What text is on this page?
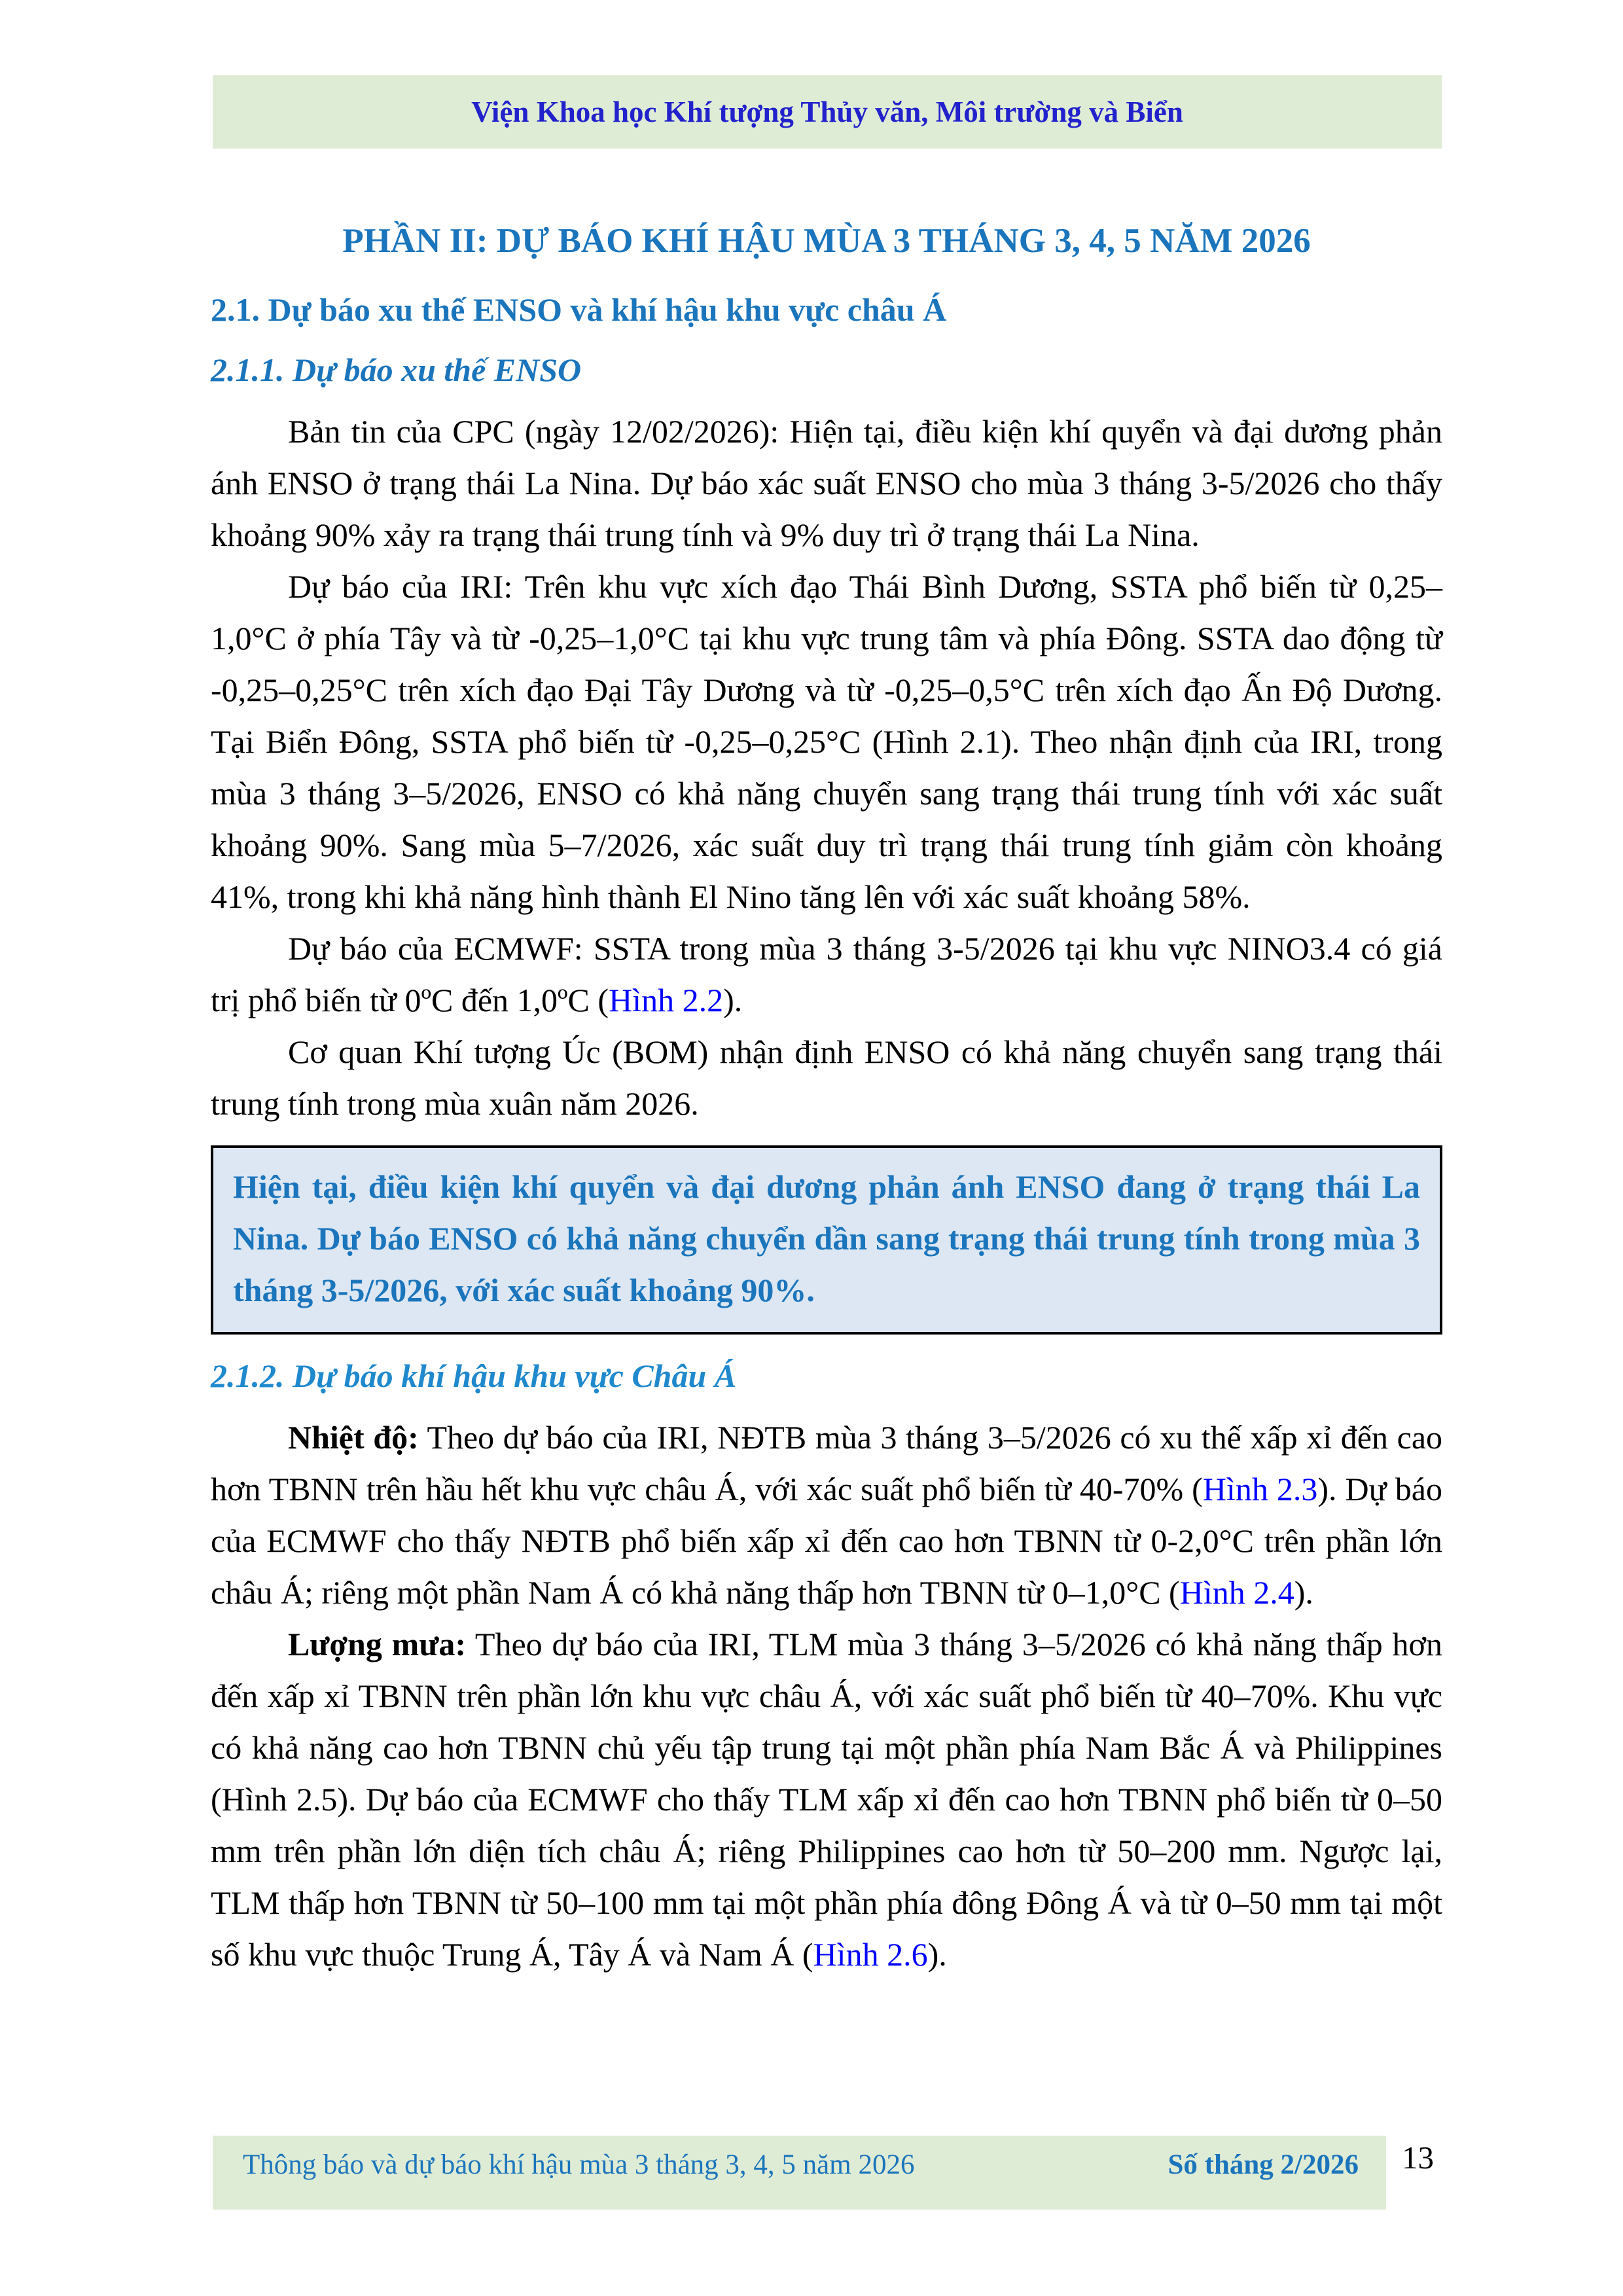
Viện Khoa học Khí tượng Thủy văn, Môi trường và Biển
PHẦN II: DỰ BÁO KHÍ HẬU MÙA 3 THÁNG 3, 4, 5 NĂM 2026
2.1. Dự báo xu thế ENSO và khí hậu khu vực châu Á
2.1.1. Dự báo xu thế ENSO

Bản tin của CPC (ngày 12/02/2026): Hiện tại, điều kiện khí quyển và đại dương phản ánh ENSO ở trạng thái La Nina. Dự báo xác suất ENSO cho mùa 3 tháng 3-5/2026 cho thấy khoảng 90% xảy ra trạng thái trung tính và 9% duy trì ở trạng thái La Nina.

Dự báo của IRI: Trên khu vực xích đạo Thái Bình Dương, SSTA phổ biến từ 0,25–1,0°C ở phía Tây và từ -0,25–1,0°C tại khu vực trung tâm và phía Đông. SSTA dao động từ -0,25–0,25°C trên xích đạo Đại Tây Dương và từ -0,25–0,5°C trên xích đạo Ấn Độ Dương. Tại Biển Đông, SSTA phổ biến từ -0,25–0,25°C (Hình 2.1). Theo nhận định của IRI, trong mùa 3 tháng 3–5/2026, ENSO có khả năng chuyển sang trạng thái trung tính với xác suất khoảng 90%. Sang mùa 5–7/2026, xác suất duy trì trạng thái trung tính giảm còn khoảng 41%, trong khi khả năng hình thành El Nino tăng lên với xác suất khoảng 58%.

Dự báo của ECMWF: SSTA trong mùa 3 tháng 3-5/2026 tại khu vực NINO3.4 có giá trị phổ biến từ 0ºC đến 1,0ºC (Hình 2.2).

Cơ quan Khí tượng Úc (BOM) nhận định ENSO có khả năng chuyển sang trạng thái trung tính trong mùa xuân năm 2026.

Hiện tại, điều kiện khí quyển và đại dương phản ánh ENSO đang ở trạng thái La Nina. Dự báo ENSO có khả năng chuyển dần sang trạng thái trung tính trong mùa 3 tháng 3-5/2026, với xác suất khoảng 90%.

2.1.2. Dự báo khí hậu khu vực Châu Á

Nhiệt độ: Theo dự báo của IRI, NĐTB mùa 3 tháng 3–5/2026 có xu thế xấp xỉ đến cao hơn TBNN trên hầu hết khu vực châu Á, với xác suất phổ biến từ 40-70% (Hình 2.3). Dự báo của ECMWF cho thấy NĐTB phổ biến xấp xỉ đến cao hơn TBNN từ 0-2,0°C trên phần lớn châu Á; riêng một phần Nam Á có khả năng thấp hơn TBNN từ 0–1,0°C (Hình 2.4).

Lượng mưa: Theo dự báo của IRI, TLM mùa 3 tháng 3–5/2026 có khả năng thấp hơn đến xấp xỉ TBNN trên phần lớn khu vực châu Á, với xác suất phổ biến từ 40–70%. Khu vực có khả năng cao hơn TBNN chủ yếu tập trung tại một phần phía Nam Bắc Á và Philippines (Hình 2.5). Dự báo của ECMWF cho thấy TLM xấp xỉ đến cao hơn TBNN phổ biến từ 0–50 mm trên phần lớn diện tích châu Á; riêng Philippines cao hơn từ 50–200 mm. Ngược lại, TLM thấp hơn TBNN từ 50–100 mm tại một phần phía đông Đông Á và từ 0–50 mm tại một số khu vực thuộc Trung Á, Tây Á và Nam Á (Hình 2.6).

Thông báo và dự báo khí hậu mùa 3 tháng 3, 4, 5 năm 2026	Số tháng 2/2026 13
